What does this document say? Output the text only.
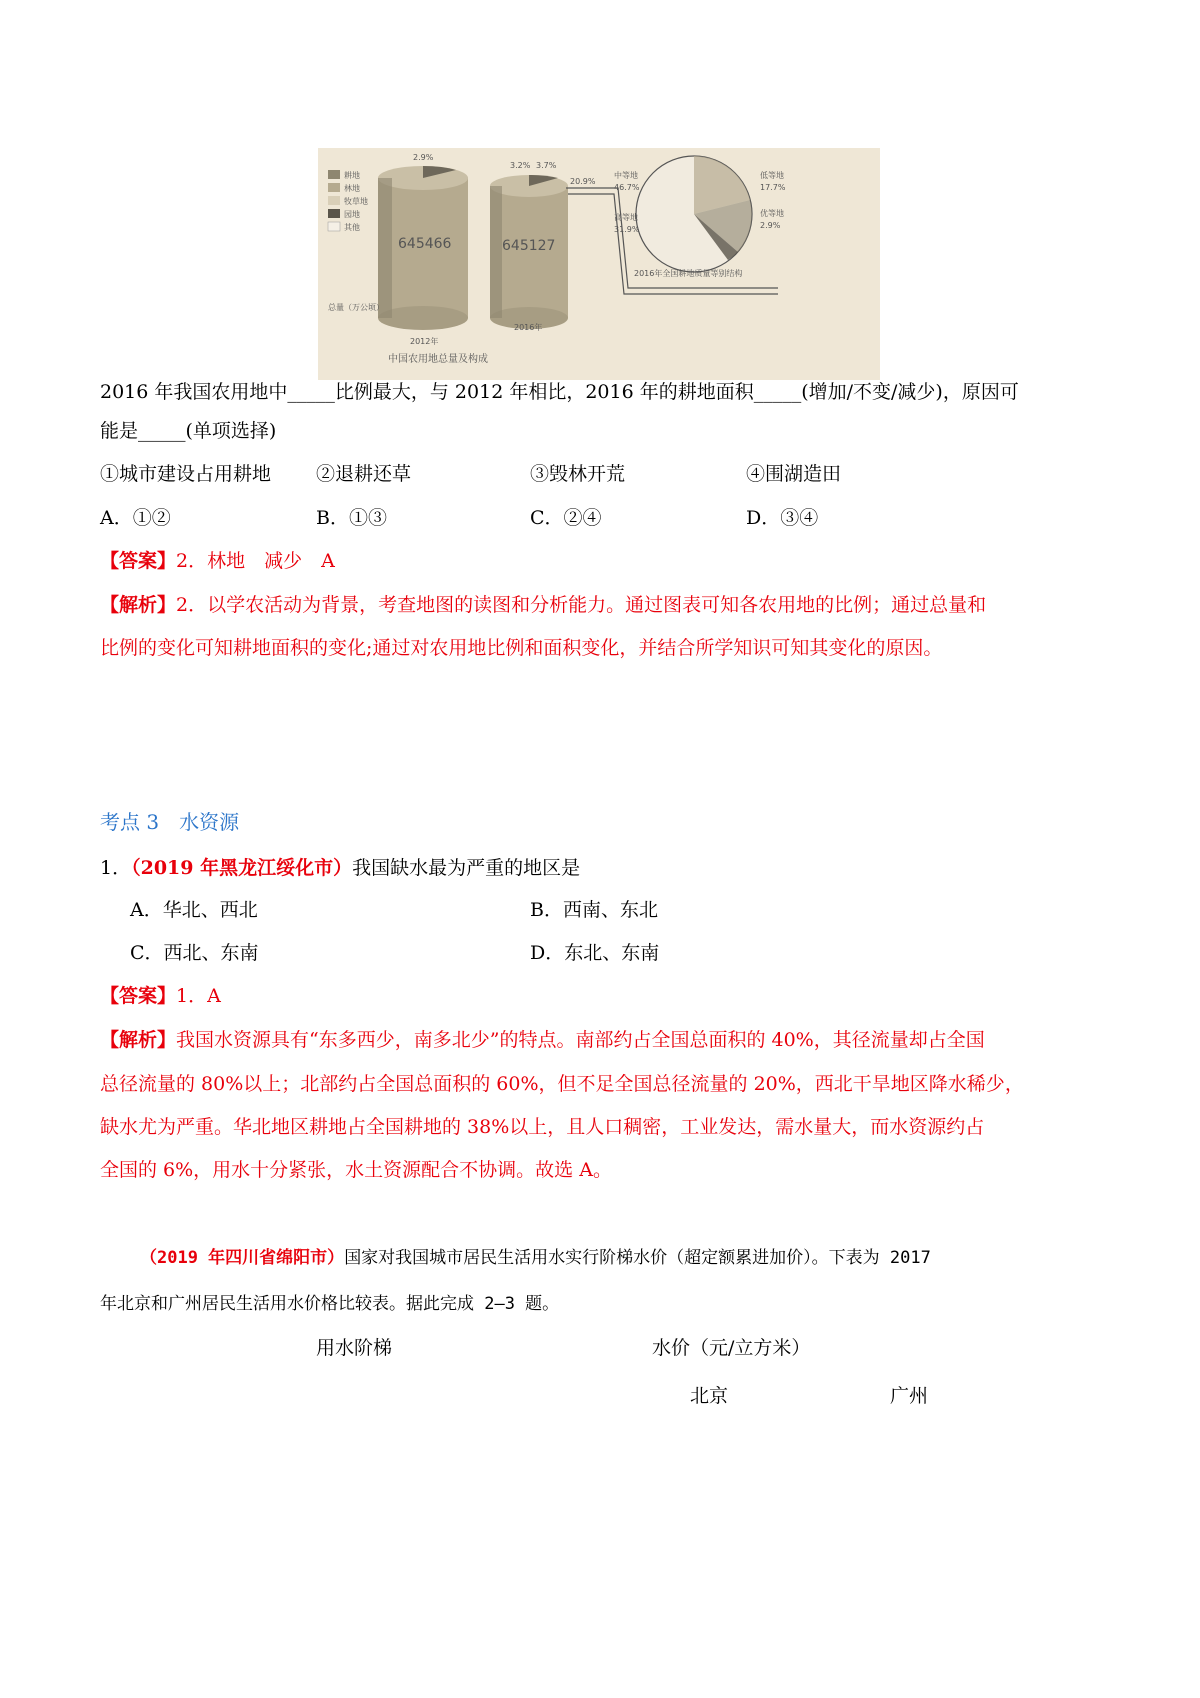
耕地
林地
牧草地
园地
其他
645466
2.9%
2012年
645127
3.2% 3.7%
20.9%
2016年
总量（万公顷）
中等地
46.7%
高等地
31.9%
低等地
17.7%
优等地
2.9%
2016年全国耕地质量等别结构
中国农用地总量及构成
2016 年我国农用地中_____比例最大，与 2012 年相比，2016 年的耕地面积_____(增加/不变/减少)，原因可
能是_____(单项选择)
①城市建设占用耕地 ②退耕还草	③毁林开荒	④围湖造田
A．①②	B．①③	C．②④	D．③④
【答案】2．林地　减少　A
【解析】2．以学农活动为背景，考查地图的读图和分析能力。通过图表可知各农用地的比例；通过总量和
比例的变化可知耕地面积的变化;通过对农用地比例和面积变化，并结合所学知识可知其变化的原因。
考点 3　水资源
1．（2019 年黑龙江绥化市）我国缺水最为严重的地区是
A．华北、西北	B．西南、东北
C．西北、东南	D．东北、东南
【答案】1．A
【解析】我国水资源具有“东多西少，南多北少”的特点。南部约占全国总面积的 40%，其径流量却占全国
总径流量的 80%以上；北部约占全国总面积的 60%，但不足全国总径流量的 20%，西北干旱地区降水稀少，
缺水尤为严重。华北地区耕地占全国耕地的 38%以上，且人口稠密，工业发达，需水量大，而水资源约占
全国的 6%，用水十分紧张，水土资源配合不协调。故选 A。
（2019 年四川省绵阳市）国家对我国城市居民生活用水实行阶梯水价（超定额累进加价）。下表为 2017
年北京和广州居民生活用水价格比较表。据此完成 2—3 题。
用水阶梯	水价（元/立方米）
北京	广州
